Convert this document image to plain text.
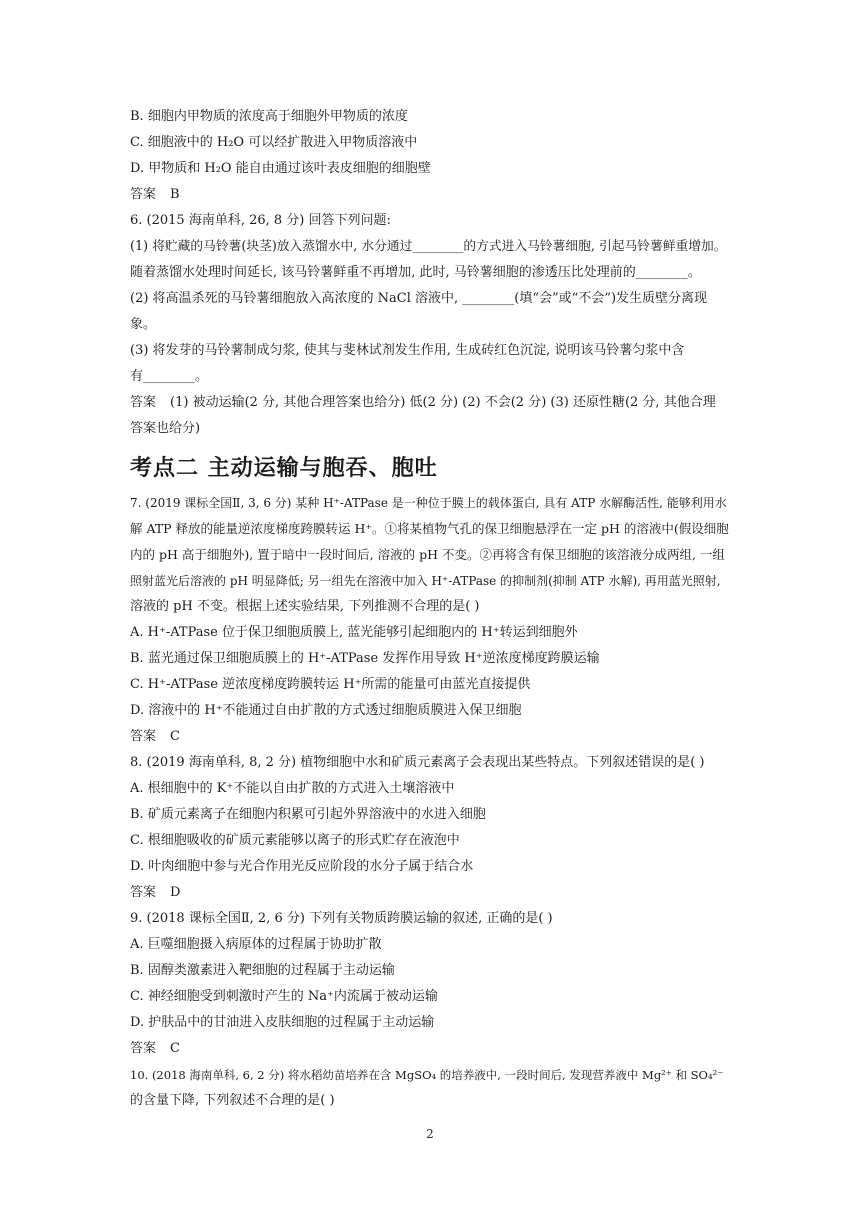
B. 细胞内甲物质的浓度高于细胞外甲物质的浓度
C. 细胞液中的 H₂O 可以经扩散进入甲物质溶液中
D. 甲物质和 H₂O 能自由通过该叶表皮细胞的细胞壁
答案 B
6. (2015 海南单科, 26, 8 分) 回答下列问题:
(1) 将贮藏的马铃薯(块茎)放入蒸馏水中, 水分通过________的方式进入马铃薯细胞, 引起马铃薯鲜重增加。
随着蒸馏水处理时间延长, 该马铃薯鲜重不再增加, 此时, 马铃薯细胞的渗透压比处理前的________。
(2) 将高温杀死的马铃薯细胞放入高浓度的 NaCl 溶液中, ________(填“会”或“不会”)发生质壁分离现
象。
(3) 将发芽的马铃薯制成匀浆, 使其与斐林试剂发生作用, 生成砖红色沉淀, 说明该马铃薯匀浆中含
有________。
答案 (1) 被动运输(2 分, 其他合理答案也给分) 低(2 分) (2) 不会(2 分) (3) 还原性糖(2 分, 其他合理
答案也给分)
考点二 主动运输与胞吞、胞吐
7. (2019 课标全国Ⅱ, 3, 6 分) 某种 H⁺-ATPase 是一种位于膜上的载体蛋白, 具有 ATP 水解酶活性, 能够利用水
解 ATP 释放的能量逆浓度梯度跨膜转运 H⁺。①将某植物气孔的保卫细胞悬浮在一定 pH 的溶液中(假设细胞
内的 pH 高于细胞外), 置于暗中一段时间后, 溶液的 pH 不变。②再将含有保卫细胞的该溶液分成两组, 一组
照射蓝光后溶液的 pH 明显降低; 另一组先在溶液中加入 H⁺-ATPase 的抑制剂(抑制 ATP 水解), 再用蓝光照射,
溶液的 pH 不变。根据上述实验结果, 下列推测不合理的是( )
A. H⁺-ATPase 位于保卫细胞质膜上, 蓝光能够引起细胞内的 H⁺转运到细胞外
B. 蓝光通过保卫细胞质膜上的 H⁺-ATPase 发挥作用导致 H⁺逆浓度梯度跨膜运输
C. H⁺-ATPase 逆浓度梯度跨膜转运 H⁺所需的能量可由蓝光直接提供
D. 溶液中的 H⁺不能通过自由扩散的方式透过细胞质膜进入保卫细胞
答案 C
8. (2019 海南单科, 8, 2 分) 植物细胞中水和矿质元素离子会表现出某些特点。下列叙述错误的是( )
A. 根细胞中的 K⁺不能以自由扩散的方式进入土壤溶液中
B. 矿质元素离子在细胞内积累可引起外界溶液中的水进入细胞
C. 根细胞吸收的矿质元素能够以离子的形式贮存在液泡中
D. 叶肉细胞中参与光合作用光反应阶段的水分子属于结合水
答案 D
9. (2018 课标全国Ⅱ, 2, 6 分) 下列有关物质跨膜运输的叙述, 正确的是( )
A. 巨噬细胞摄入病原体的过程属于协助扩散
B. 固醇类激素进入靶细胞的过程属于主动运输
C. 神经细胞受到刺激时产生的 Na⁺内流属于被动运输
D. 护肤品中的甘油进入皮肤细胞的过程属于主动运输
答案 C
10. (2018 海南单科, 6, 2 分) 将水稻幼苗培养在含 MgSO₄ 的培养液中, 一段时间后, 发现营养液中 Mg²⁺ 和 SO₄²⁻
的含量下降, 下列叙述不合理的是( )
2
